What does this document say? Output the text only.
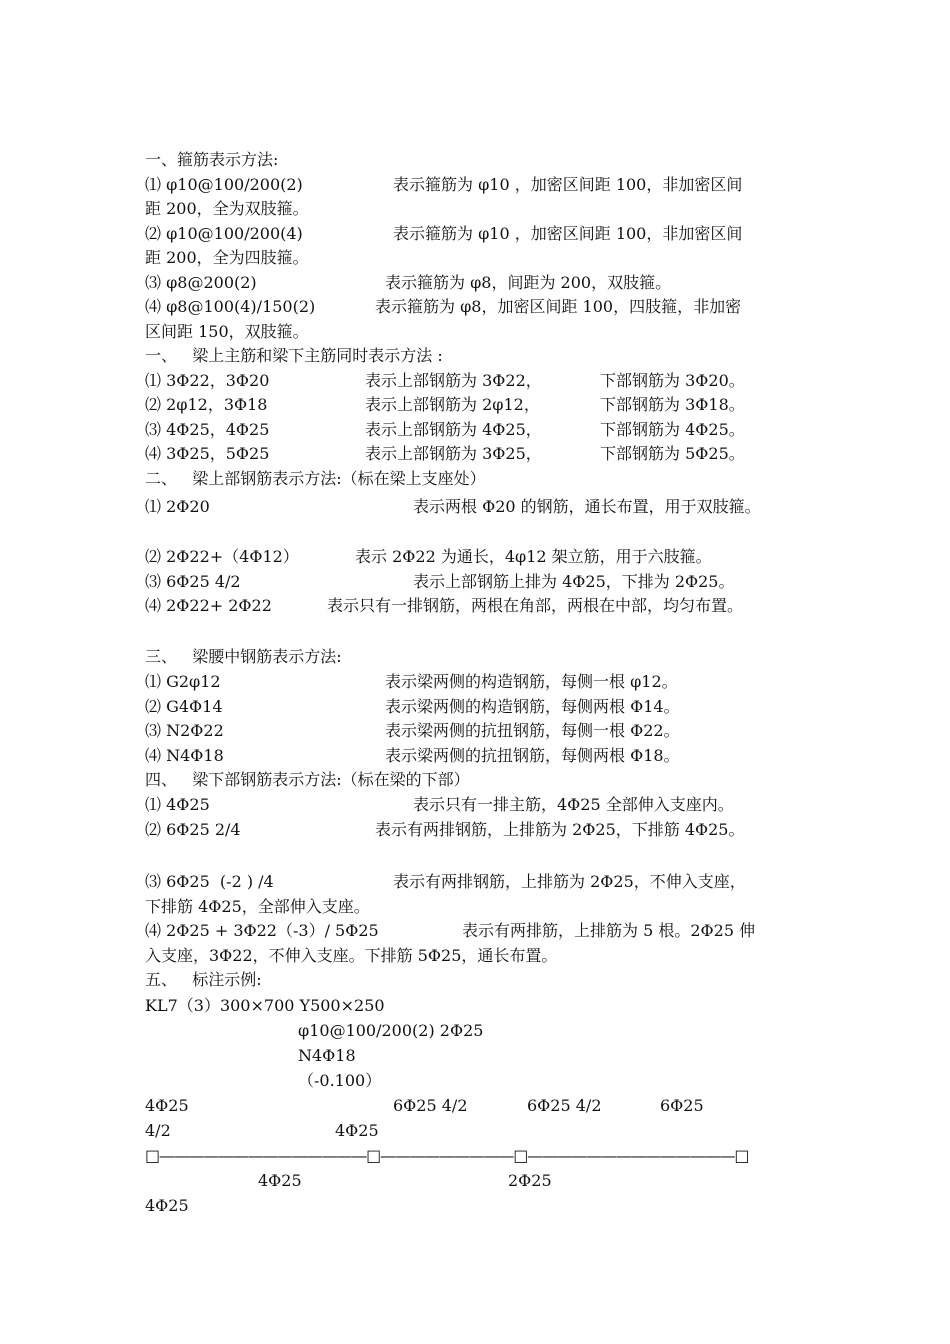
一、箍筋表示方法:
⑴ φ10@100/200(2)	表示箍筋为 φ10 ，加密区间距 100，非加密区间
距 200，全为双肢箍。
⑵ φ10@100/200(4)	表示箍筋为 φ10 ，加密区间距 100，非加密区间
距 200，全为四肢箍。
⑶ φ8@200(2)	表示箍筋为 φ8，间距为 200，双肢箍。
⑷ φ8@100(4)/150(2)	表示箍筋为 φ8，加密区间距 100，四肢箍，非加密
区间距 150，双肢箍。
一、   梁上主筋和梁下主筋同时表示方法 :
⑴ 3Φ22，3Φ20	表示上部钢筋为 3Φ22，	下部钢筋为 3Φ20。
⑵ 2φ12，3Φ18	表示上部钢筋为 2φ12，	下部钢筋为 3Φ18。
⑶ 4Φ25，4Φ25	表示上部钢筋为 4Φ25，	下部钢筋为 4Φ25。
⑷ 3Φ25，5Φ25	表示上部钢筋为 3Φ25，	下部钢筋为 5Φ25。
二、   梁上部钢筋表示方法:（标在梁上支座处）
⑴ 2Φ20	表示两根 Φ20 的钢筋，通长布置，用于双肢箍。
⑵ 2Φ22+（4Φ12）	表示 2Φ22 为通长，4φ12 架立筋，用于六肢箍。
⑶ 6Φ25 4/2	表示上部钢筋上排为 4Φ25，下排为 2Φ25。
⑷ 2Φ22+ 2Φ22	表示只有一排钢筋，两根在角部，两根在中部，均匀布置。
三、   梁腰中钢筋表示方法:
⑴ G2φ12	表示梁两侧的构造钢筋，每侧一根 φ12。
⑵ G4Φ14	表示梁两侧的构造钢筋，每侧两根 Φ14。
⑶ N2Φ22	表示梁两侧的抗扭钢筋，每侧一根 Φ22。
⑷ N4Φ18	表示梁两侧的抗扭钢筋，每侧两根 Φ18。
四、   梁下部钢筋表示方法:（标在梁的下部）
⑴ 4Φ25	表示只有一排主筋，4Φ25 全部伸入支座内。
⑵ 6Φ25 2/4	表示有两排钢筋，上排筋为 2Φ25，下排筋 4Φ25。
⑶ 6Φ25  (-2 ) /4	表示有两排钢筋，上排筋为 2Φ25，不伸入支座，
下排筋 4Φ25，全部伸入支座。
⑷ 2Φ25 + 3Φ22（-3）/ 5Φ25	表示有两排筋，上排筋为 5 根。2Φ25 伸
入支座，3Φ22，不伸入支座。下排筋 5Φ25，通长布置。
五、   标注示例:
KL7（3）300×700 Y500×250
φ10@100/200(2) 2Φ25
N4Φ18
（-0.100）
4Φ25	6Φ25 4/2	6Φ25 4/2	6Φ25
4/2	4Φ25
□——————————————□—————————□——————————————□
4Φ25	2Φ25
4Φ25
